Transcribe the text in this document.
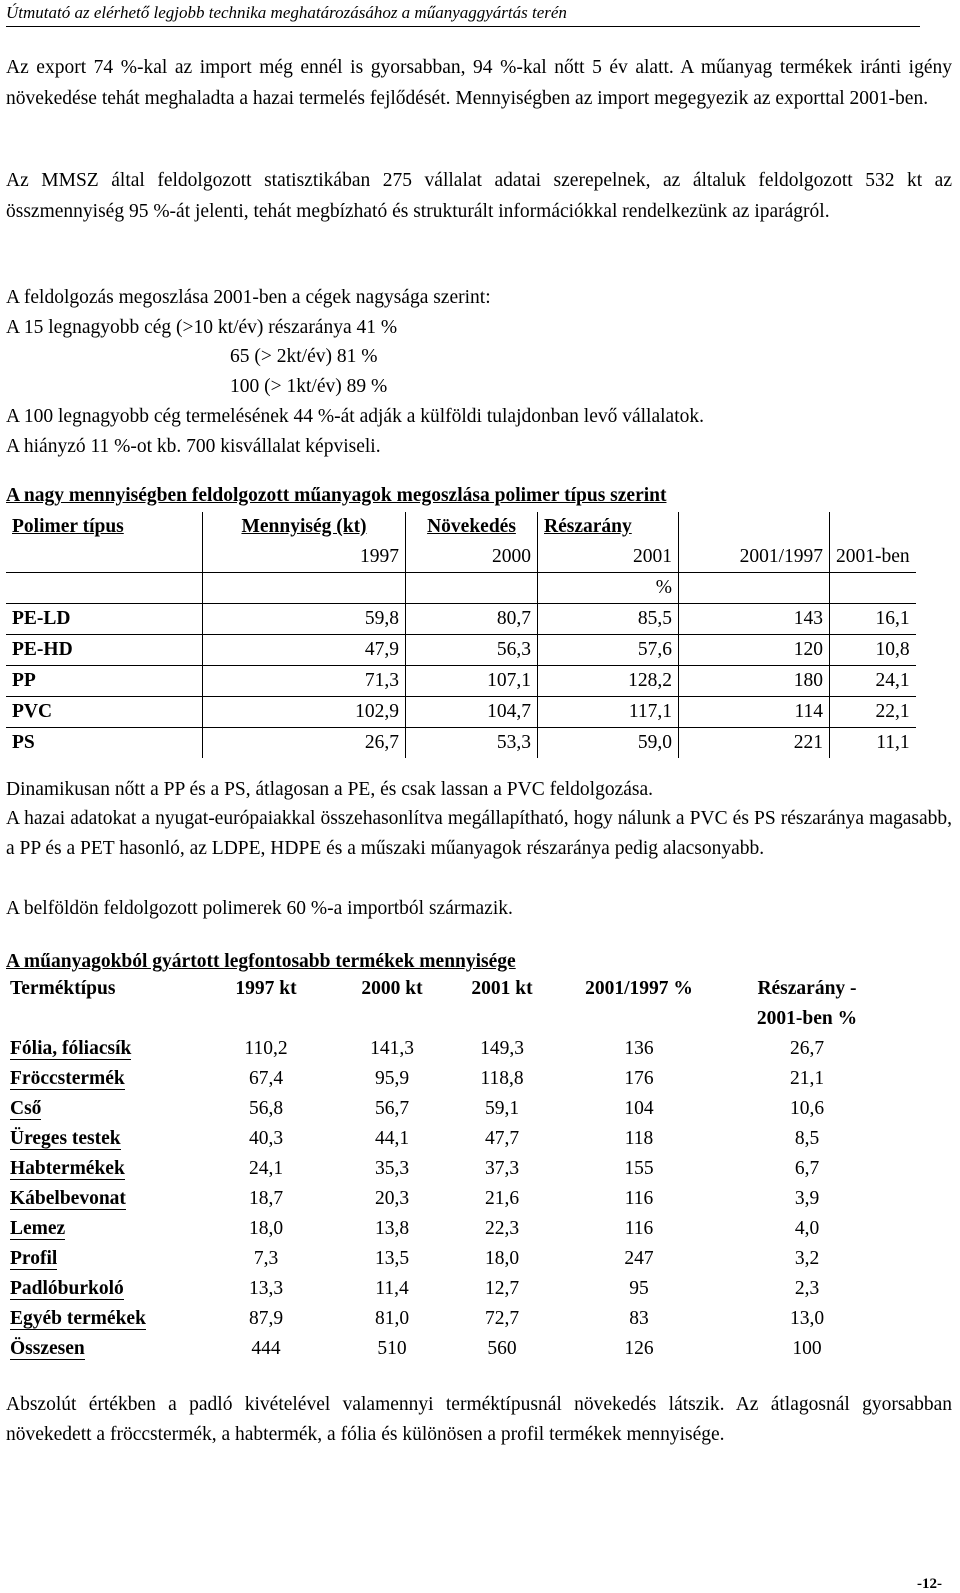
Útmutató az elérhető legjobb technika meghatározásához a műanyaggyártás terén
Az export 74 %-kal az import még ennél is gyorsabban, 94 %-kal nőtt 5 év alatt. A műanyag termékek iránti igény növekedése tehát meghaladta a hazai termelés fejlődését. Mennyiségben az import megegyezik az exporttal 2001-ben.
Az MMSZ által feldolgozott statisztikában 275 vállalat adatai szerepelnek, az általuk feldolgozott 532 kt az összmennyiség 95 %-át jelenti, tehát megbízható és strukturált információkkal rendelkezünk az iparágról.
A feldolgozás megoszlása 2001-ben a cégek nagysága szerint:
A 15 legnagyobb cég (>10 kt/év) részaránya 41 %
65 (> 2kt/év) 81 %
100 (> 1kt/év) 89 %
A 100 legnagyobb cég termelésének 44 %-át adják a külföldi tulajdonban levő vállalatok.
A hiányzó 11 %-ot kb. 700 kisvállalat képviseli.
A nagy mennyiségben feldolgozott műanyagok megoszlása polimer típus szerint
Polimer típus	Mennyiség (kt)	Növekedés	Részarány		
	1997	2000	2001	2001/1997	2001-ben
			%		
PE-LD	59,8	80,7	85,5	143	16,1
PE-HD	47,9	56,3	57,6	120	10,8
PP	71,3	107,1	128,2	180	24,1
PVC	102,9	104,7	117,1	114	22,1
PS	26,7	53,3	59,0	221	11,1
Dinamikusan nőtt a PP és a PS, átlagosan a PE, és csak lassan a PVC feldolgozása.
A hazai adatokat a nyugat-európaiakkal összehasonlítva megállapítható, hogy nálunk a PVC és PS részaránya magasabb, a PP és a PET hasonló, az LDPE, HDPE és a műszaki műanyagok részaránya pedig alacsonyabb.
A belföldön feldolgozott polimerek 60 %-a importból származik.
A műanyagokból gyártott legfontosabb termékek mennyisége
Terméktípus	1997 kt	2000 kt	2001 kt	2001/1997 %	Részarány -
					2001-ben %
Fólia, fóliacsík	110,2	141,3	149,3	136	26,7
Fröccstermék	67,4	95,9	118,8	176	21,1
Cső	56,8	56,7	59,1	104	10,6
Üreges testek	40,3	44,1	47,7	118	8,5
Habtermékek	24,1	35,3	37,3	155	6,7
Kábelbevonat	18,7	20,3	21,6	116	3,9
Lemez	18,0	13,8	22,3	116	4,0
Profil	7,3	13,5	18,0	247	3,2
Padlóburkoló	13,3	11,4	12,7	95	2,3
Egyéb termékek	87,9	81,0	72,7	83	13,0
Összesen	444	510	560	126	100
Abszolút értékben a padló kivételével valamennyi terméktípusnál növekedés látszik. Az átlagosnál gyorsabban növekedett a fröccstermék, a habtermék, a fólia és különösen a profil termékek mennyisége.
-12-
